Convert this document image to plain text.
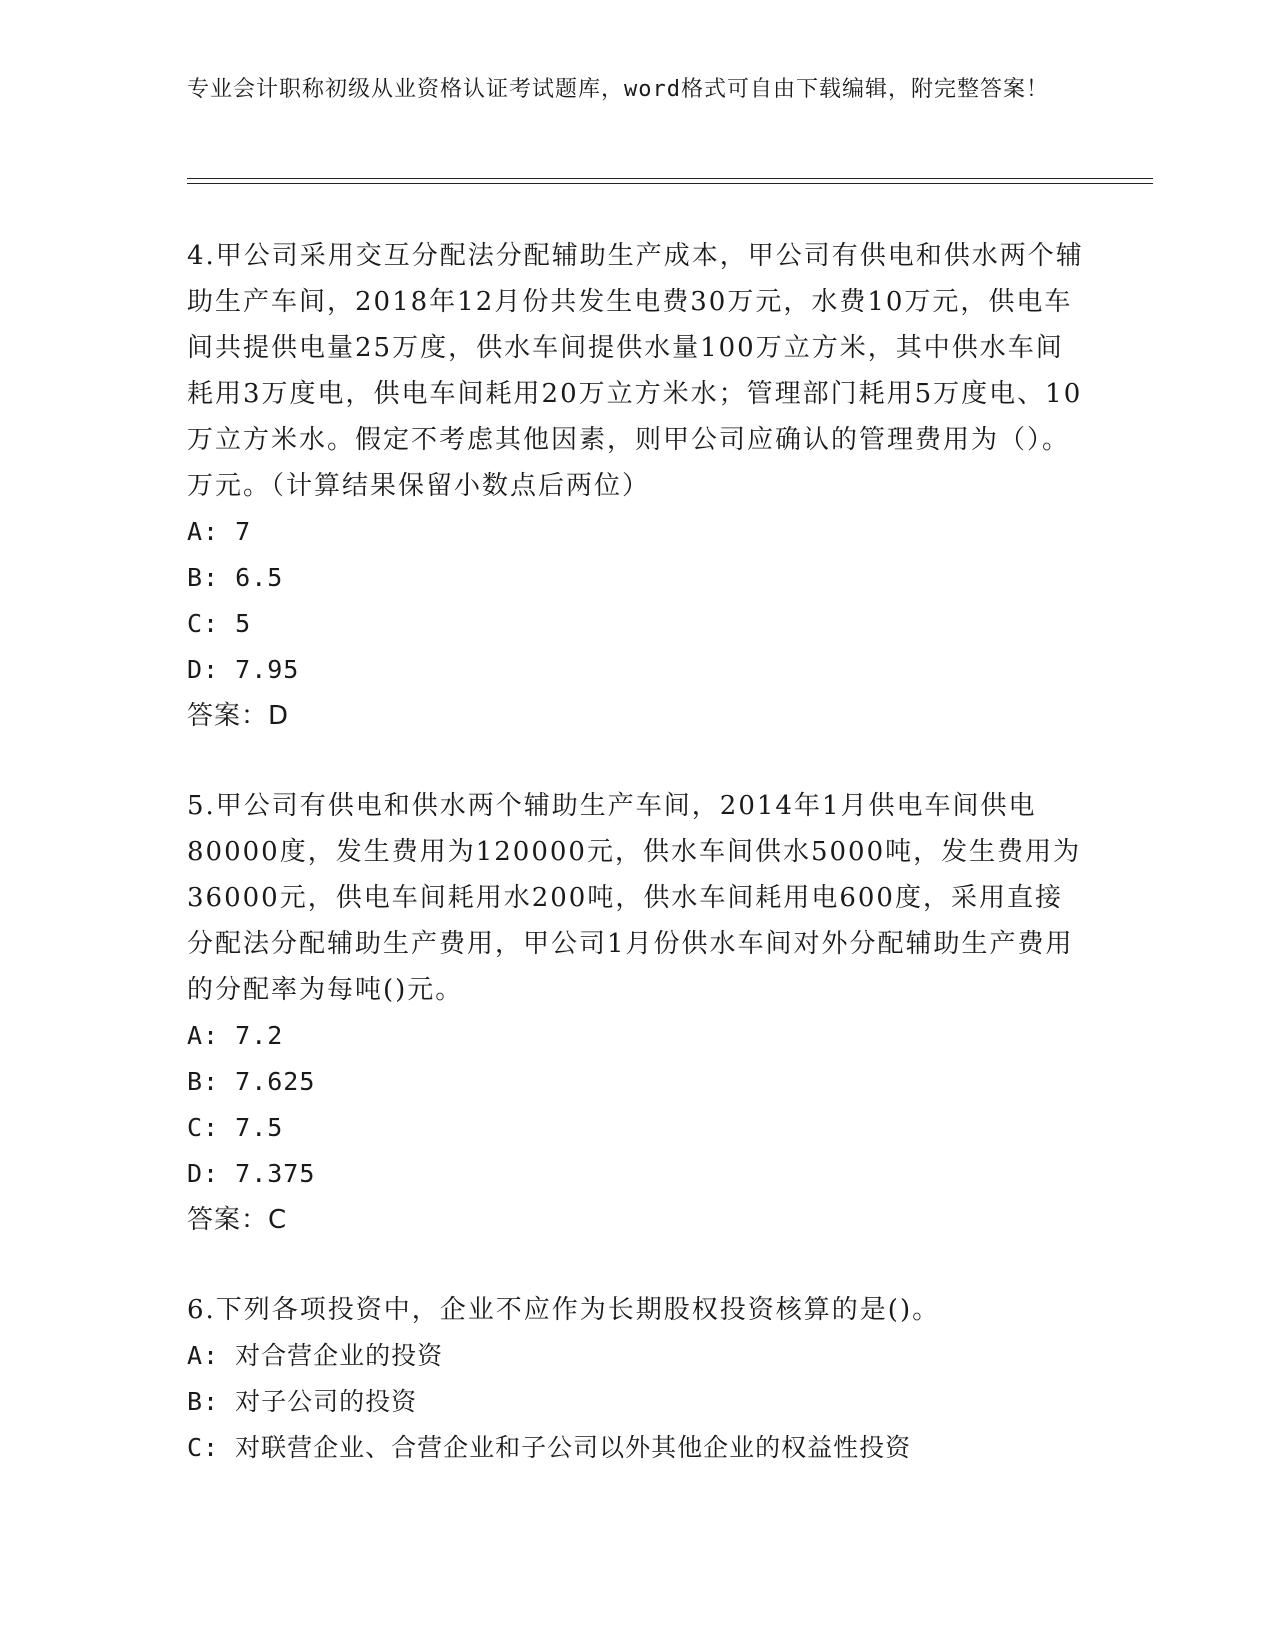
专业会计职称初级从业资格认证考试题库，word格式可自由下载编辑，附完整答案！

4.甲公司采用交互分配法分配辅助生产成本，甲公司有供电和供水两个辅助生产车间，2018年12月份共发生电费30万元，水费10万元，供电车间共提供电量25万度，供水车间提供水量100万立方米，其中供水车间耗用3万度电，供电车间耗用20万立方米水；管理部门耗用5万度电、10万立方米水。假定不考虑其他因素，则甲公司应确认的管理费用为（）。万元。（计算结果保留小数点后两位）

A: 7

B: 6.5

C: 5

D: 7.95

答案：D

5.甲公司有供电和供水两个辅助生产车间，2014年1月供电车间供电80000度，发生费用为120000元，供水车间供水5000吨，发生费用为36000元，供电车间耗用水200吨，供水车间耗用电600度，采用直接分配法分配辅助生产费用，甲公司1月份供水车间对外分配辅助生产费用的分配率为每吨()元。

A: 7.2

B: 7.625

C: 7.5

D: 7.375

答案：C

6.下列各项投资中，企业不应作为长期股权投资核算的是()。

A: 对合营企业的投资

B: 对子公司的投资

C: 对联营企业、合营企业和子公司以外其他企业的权益性投资
